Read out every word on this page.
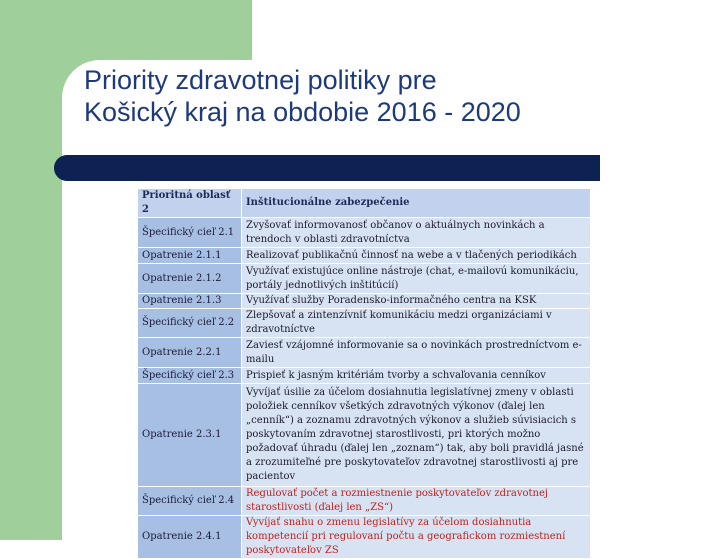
Priority zdravotnej politiky pre
Košický kraj na obdobie 2016 - 2020
Prioritná oblasť 2	Inštitucionálne zabezpečenie
Špecifický cieľ 2.1	Zvyšovať informovanosť občanov o aktuálnych novinkách a trendoch v oblasti zdravotníctva
Opatrenie 2.1.1	Realizovať publikačnú činnosť na webe a v tlačených periodikách
Opatrenie 2.1.2	Využívať existujúce online nástroje (chat, e-mailovú komunikáciu, portály jednotlivých inštitúcií)
Opatrenie 2.1.3	Využívať služby Poradensko-informačného centra na KSK
Špecifický cieľ 2.2	Zlepšovať a zintenzívniť komunikáciu medzi organizáciami v zdravotníctve
Opatrenie 2.2.1	Zaviesť vzájomné informovanie sa o novinkách prostredníctvom e-mailu
Špecifický cieľ 2.3	Prispieť k jasným kritériám tvorby a schvaľovania cenníkov
Opatrenie 2.3.1	Vyvíjať úsilie za účelom dosiahnutia legislatívnej zmeny v oblasti položiek cenníkov všetkých zdravotných výkonov (ďalej len „cenník“) a zoznamu zdravotných výkonov a služieb súvisiacich s poskytovaním zdravotnej starostlivosti, pri ktorých možno požadovať úhradu (ďalej len „zoznam“) tak, aby boli pravidlá jasné a zrozumiteľné pre poskytovateľov zdravotnej starostlivosti aj pre pacientov
Špecifický cieľ 2.4	Regulovať počet a rozmiestnenie poskytovateľov zdravotnej starostlivosti (ďalej len „ZS“)
Opatrenie 2.4.1	Vyvíjať snahu o zmenu legislatívy za účelom dosiahnutia kompetencií pri regulovaní počtu a geografickom rozmiestnení poskytovateľov ZS
